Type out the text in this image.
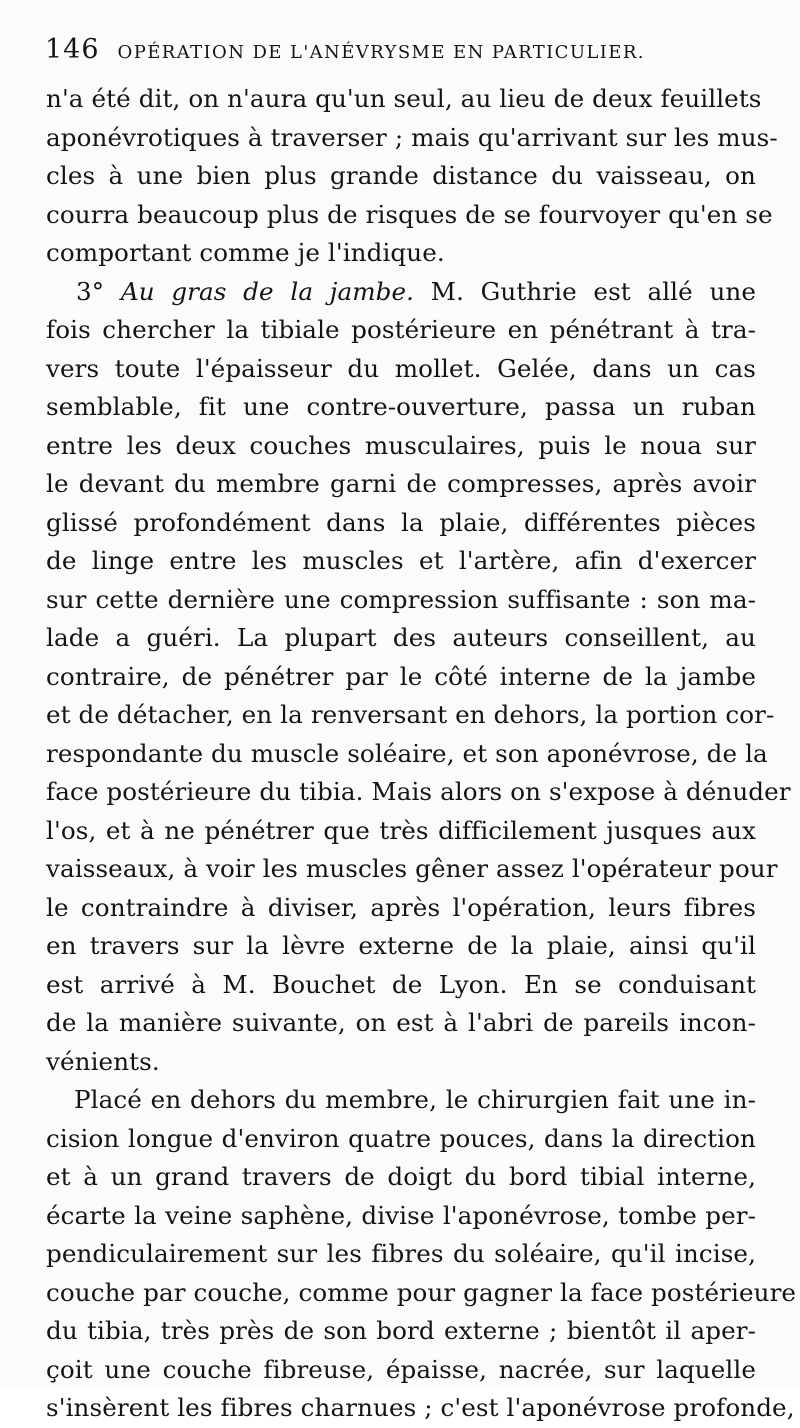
146 OPÉRATION DE L'ANÉVRYSME EN PARTICULIER.
n'a été dit, on n'aura qu'un seul, au lieu de deux feuillets
aponévrotiques à traverser ; mais qu'arrivant sur les mus-
cles à une bien plus grande distance du vaisseau, on
courra beaucoup plus de risques de se fourvoyer qu'en se
comportant comme je l'indique.
3° Au gras de la jambe. M. Guthrie est allé une
fois chercher la tibiale postérieure en pénétrant à tra-
vers toute l'épaisseur du mollet. Gelée, dans un cas
semblable, fit une contre-ouverture, passa un ruban
entre les deux couches musculaires, puis le noua sur
le devant du membre garni de compresses, après avoir
glissé profondément dans la plaie, différentes pièces
de linge entre les muscles et l'artère, afin d'exercer
sur cette dernière une compression suffisante : son ma-
lade a guéri. La plupart des auteurs conseillent, au
contraire, de pénétrer par le côté interne de la jambe
et de détacher, en la renversant en dehors, la portion cor-
respondante du muscle soléaire, et son aponévrose, de la
face postérieure du tibia. Mais alors on s'expose à dénuder
l'os, et à ne pénétrer que très difficilement jusques aux
vaisseaux, à voir les muscles gêner assez l'opérateur pour
le contraindre à diviser, après l'opération, leurs fibres
en travers sur la lèvre externe de la plaie, ainsi qu'il
est arrivé à M. Bouchet de Lyon. En se conduisant
de la manière suivante, on est à l'abri de pareils incon-
vénients.
Placé en dehors du membre, le chirurgien fait une in-
cision longue d'environ quatre pouces, dans la direction
et à un grand travers de doigt du bord tibial interne,
écarte la veine saphène, divise l'aponévrose, tombe per-
pendiculairement sur les fibres du soléaire, qu'il incise,
couche par couche, comme pour gagner la face postérieure
du tibia, très près de son bord externe ; bientôt il aper-
çoit une couche fibreuse, épaisse, nacrée, sur laquelle
s'insèrent les fibres charnues ; c'est l'aponévrose profonde,
